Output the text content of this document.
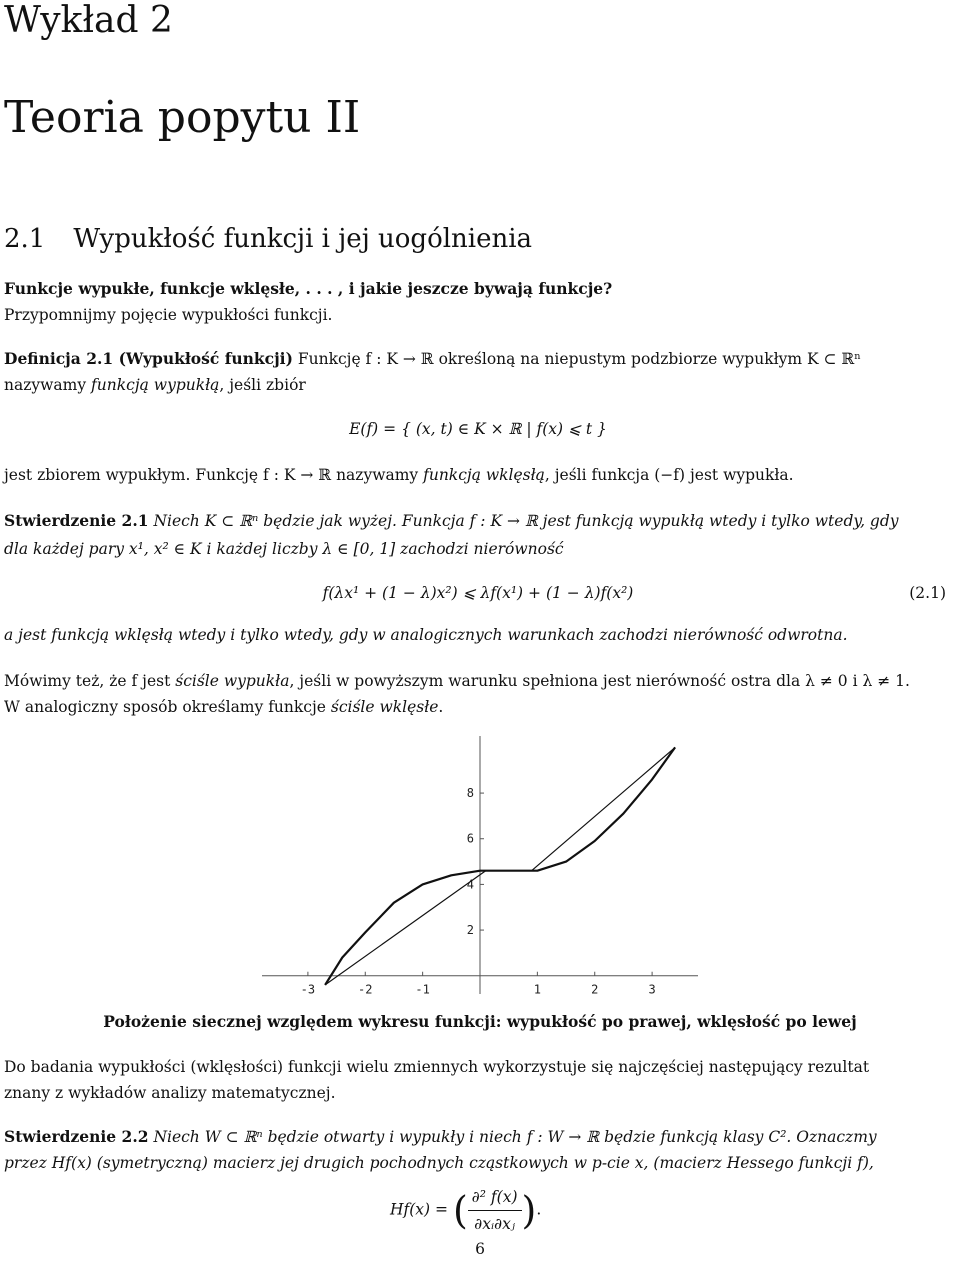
Wykład 2
Teoria popytu II
2.1 Wypukłość funkcji i jej uogólnienia
Funkcje wypukłe, funkcje wklęsłe, . . . , i jakie jeszcze bywają funkcje?
Przypomnijmy pojęcie wypukłości funkcji.
Definicja 2.1 (Wypukłość funkcji) Funkcję f : K → ℝ określoną na niepustym podzbiorze wypukłym K ⊂ ℝⁿ
nazywamy funkcją wypukłą, jeśli zbiór
E(f) = { (x, t) ∈ K × ℝ | f(x) ⩽ t }
jest zbiorem wypukłym. Funkcję f : K → ℝ nazywamy funkcją wklęsłą, jeśli funkcja (−f) jest wypukła.
Stwierdzenie 2.1 Niech K ⊂ ℝⁿ będzie jak wyżej. Funkcja f : K → ℝ jest funkcją wypukłą wtedy i tylko wtedy, gdy
dla każdej pary x¹, x² ∈ K i każdej liczby λ ∈ [0, 1] zachodzi nierówność
f(λx¹ + (1 − λ)x²) ⩽ λf(x¹) + (1 − λ)f(x²)	(2.1)
a jest funkcją wklęsłą wtedy i tylko wtedy, gdy w analogicznych warunkach zachodzi nierówność odwrotna.
Mówimy też, że f jest ściśle wypukła, jeśli w powyższym warunku spełniona jest nierówność ostra dla λ ≠ 0 i λ ≠ 1.
W analogiczny sposób określamy funkcje ściśle wklęsłe.
-3	-2	-1	1	2	3
2
4
6
8
Położenie siecznej względem wykresu funkcji: wypukłość po prawej, wklęsłość po lewej
Do badania wypukłości (wklęsłości) funkcji wielu zmiennych wykorzystuje się najczęściej następujący rezultat
znany z wykładów analizy matematycznej.
Stwierdzenie 2.2 Niech W ⊂ ℝⁿ będzie otwarty i wypukły i niech f : W → ℝ będzie funkcją klasy C². Oznaczmy
przez Hf(x) (symetryczną) macierz jej drugich pochodnych cząstkowych w p-cie x, (macierz Hessego funkcji f),
Hf(x) = ( $\frac{\text{∂² f(x)}}{\text{∂xᵢ∂xⱼ}}$ ).
6
